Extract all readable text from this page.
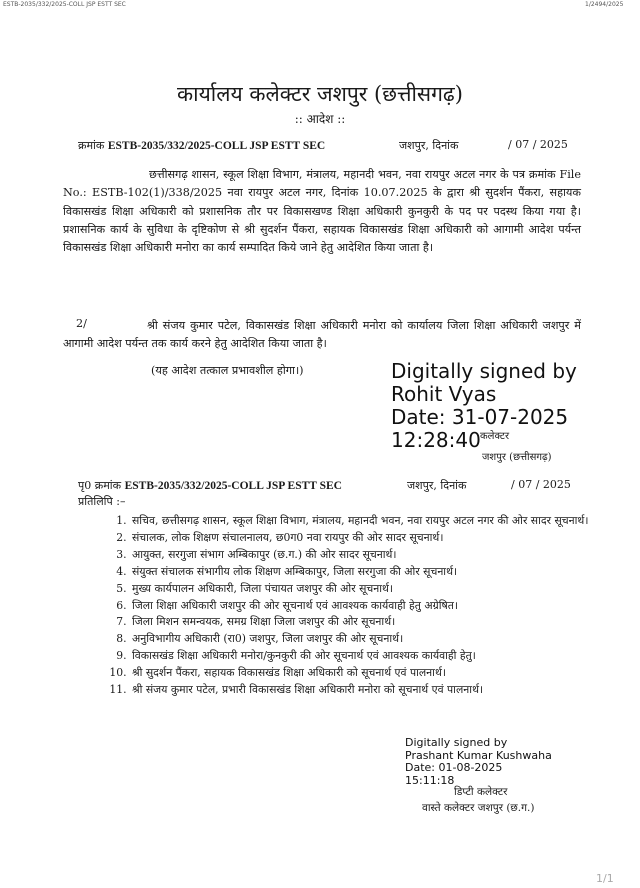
ESTB-2035/332/2025-COLL JSP ESTT SEC	1/2494/2025
कार्यालय कलेक्टर जशपुर (छत्तीसगढ़)
:: आदेश ::
क्रमांक ESTB-2035/332/2025-COLL JSP ESTT SEC	जशपुर, दिनांक	/ 07 / 2025
छत्तीसगढ़ शासन, स्कूल शिक्षा विभाग, मंत्रालय, महानदी भवन, नवा रायपुर अटल नगर के पत्र क्रमांक File No.: ESTB-102(1)/338/2025 नवा रायपुर अटल नगर, दिनांक 10.07.2025 के द्वारा श्री सुदर्शन पैंकरा, सहायक विकासखंड शिक्षा अधिकारी को प्रशासनिक तौर पर विकासखण्ड शिक्षा अधिकारी कुनकुरी के पद पर पदस्थ किया गया है। प्रशासनिक कार्य के सुविधा के दृष्टिकोण से श्री सुदर्शन पैंकरा, सहायक विकासखंड शिक्षा अधिकारी को आगामी आदेश पर्यन्त विकासखंड शिक्षा अधिकारी मनोरा का कार्य सम्पादित किये जाने हेतु आदेशित किया जाता है।
2/	श्री संजय कुमार पटेल, विकासखंड शिक्षा अधिकारी मनोरा को कार्यालय जिला शिक्षा अधिकारी जशपुर में आगामी आदेश पर्यन्त तक कार्य करने हेतु आदेशित किया जाता है।
(यह आदेश तत्काल प्रभावशील होगा।)	Digitally signed by
Rohit Vyas
Date: 31-07-2025
12:28:40 कलेक्टर
जशपुर (छत्तीसगढ़)
पृ0 क्रमांक ESTB-2035/332/2025-COLL JSP ESTT SEC	जशपुर, दिनांक	/ 07 / 2025
प्रतिलिपि :–
1. सचिव, छत्तीसगढ़ शासन, स्कूल शिक्षा विभाग, मंत्रालय, महानदी भवन, नवा रायपुर अटल नगर की ओर सादर सूचनार्थ।
2. संचालक, लोक शिक्षण संचालनालय, छ0ग0 नवा रायपुर की ओर सादर सूचनार्थ।
3. आयुक्त, सरगुजा संभाग अम्बिकापुर (छ.ग.) की ओर सादर सूचनार्थ।
4. संयुक्त संचालक संभागीय लोक शिक्षण अम्बिकापुर, जिला सरगुजा की ओर सूचनार्थ।
5. मुख्य कार्यपालन अधिकारी, जिला पंचायत जशपुर की ओर सूचनार्थ।
6. जिला शिक्षा अधिकारी जशपुर की ओर सूचनार्थ एवं आवश्यक कार्यवाही हेतु अग्रेषित।
7. जिला मिशन समन्वयक, समग्र शिक्षा जिला जशपुर की ओर सूचनार्थ।
8. अनुविभागीय अधिकारी (रा0) जशपुर, जिला जशपुर की ओर सूचनार्थ।
9. विकासखंड शिक्षा अधिकारी मनोरा/कुनकुरी की ओर सूचनार्थ एवं आवश्यक कार्यवाही हेतु।
10. श्री सुदर्शन पैंकरा, सहायक विकासखंड शिक्षा अधिकारी को सूचनार्थ एवं पालनार्थ।
11. श्री संजय कुमार पटेल, प्रभारी विकासखंड शिक्षा अधिकारी मनोरा को सूचनार्थ एवं पालनार्थ।
Digitally signed by
Prashant Kumar Kushwaha
Date: 01-08-2025
15:11:18
डिप्टी कलेक्टर
वास्ते कलेक्टर जशपुर (छ.ग.)
1/1
